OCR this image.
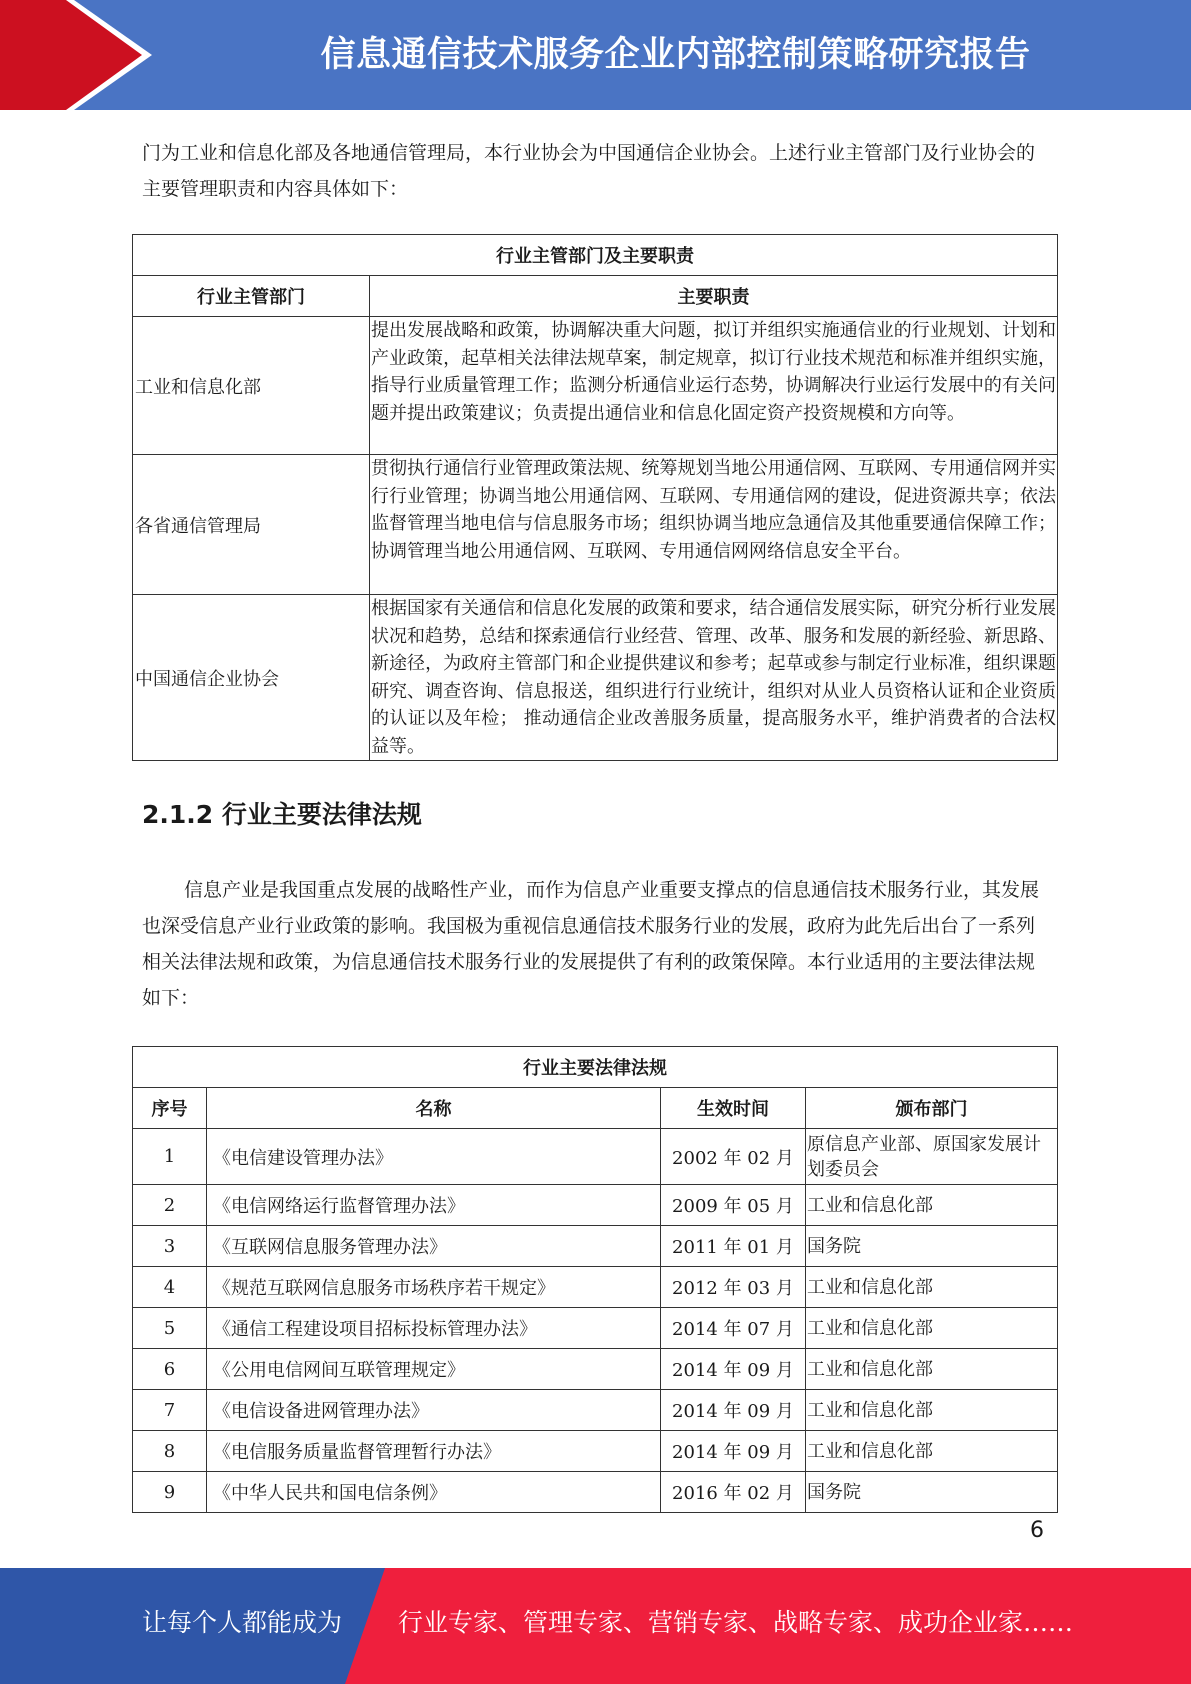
信息通信技术服务企业内部控制策略研究报告

门为工业和信息化部及各地通信管理局，本行业协会为中国通信企业协会。上述行业主管部门及行业协会的主要管理职责和内容具体如下：

行业主管部门及主要职责	
行业主管部门	主要职责
工业和信息化部	提出发展战略和政策，协调解决重大问题，拟订并组织实施通信业的行业规划、计划和产业政策，起草相关法律法规草案，制定规章，拟订行业技术规范和标准并组织实施，指导行业质量管理工作；监测分析通信业运行态势，协调解决行业运行发展中的有关问题并提出政策建议；负责提出通信业和信息化固定资产投资规模和方向等。
各省通信管理局	贯彻执行通信行业管理政策法规、统筹规划当地公用通信网、互联网、专用通信网并实行行业管理；协调当地公用通信网、互联网、专用通信网的建设，促进资源共享；依法监督管理当地电信与信息服务市场；组织协调当地应急通信及其他重要通信保障工作；协调管理当地公用通信网、互联网、专用通信网网络信息安全平台。
中国通信企业协会	根据国家有关通信和信息化发展的政策和要求，结合通信发展实际，研究分析行业发展状况和趋势，总结和探索通信行业经营、管理、改革、服务和发展的新经验、新思路、新途径，为政府主管部门和企业提供建议和参考；起草或参与制定行业标准，组织课题研究、调查咨询、信息报送，组织进行行业统计，组织对从业人员资格认证和企业资质的认证以及年检； 推动通信企业改善服务质量，提高服务水平，维护消费者的合法权益等。
2.1.2 行业主要法律法规

信息产业是我国重点发展的战略性产业，而作为信息产业重要支撑点的信息通信技术服务行业，其发展也深受信息产业行业政策的影响。我国极为重视信息通信技术服务行业的发展，政府为此先后出台了一系列相关法律法规和政策，为信息通信技术服务行业的发展提供了有利的政策保障。本行业适用的主要法律法规如下：

行业主要法律法规			
序号	名称	生效时间	颁布部门
1	《电信建设管理办法》	2002 年 02 月	原信息产业部、原国家发展计划委员会
2	《电信网络运行监督管理办法》	2009 年 05 月	工业和信息化部
3	《互联网信息服务管理办法》	2011 年 01 月	国务院
4	《规范互联网信息服务市场秩序若干规定》	2012 年 03 月	工业和信息化部
5	《通信工程建设项目招标投标管理办法》	2014 年 07 月	工业和信息化部
6	《公用电信网间互联管理规定》	2014 年 09 月	工业和信息化部
7	《电信设备进网管理办法》	2014 年 09 月	工业和信息化部
8	《电信服务质量监督管理暂行办法》	2014 年 09 月	工业和信息化部
9	《中华人民共和国电信条例》	2016 年 02 月	国务院
6
让每个人都能成为 行业专家、管理专家、营销专家、战略专家、成功企业家……
